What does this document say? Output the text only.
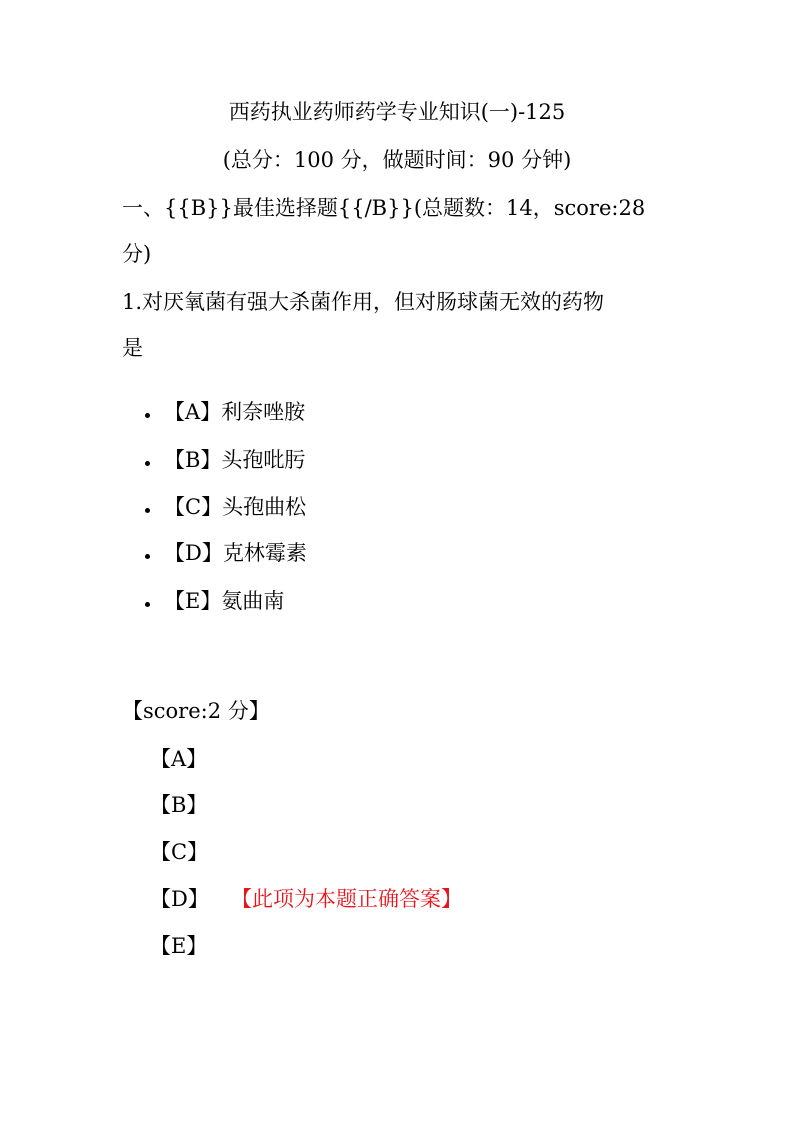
西药执业药师药学专业知识(一)-125
(总分：100 分，做题时间：90 分钟)
一、{{B}}最佳选择题{{/B}}(总题数：14，score:28
分)
1.对厌氧菌有强大杀菌作用，但对肠球菌无效的药物
是
【A】利奈唑胺
【B】头孢吡肟
【C】头孢曲松
【D】克林霉素
【E】氨曲南
【score:2 分】
【A】
【B】
【C】
【D】 【此项为本题正确答案】
【E】
